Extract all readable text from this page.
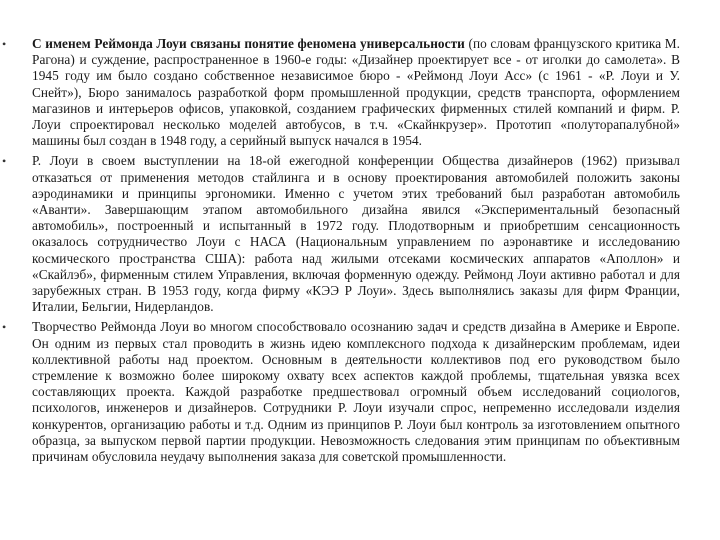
•	С именем Реймонда Лоуи связаны понятие феномена универсальности (по словам французского критика М. Рагона) и суждение, распространенное в 1960-е годы: «Дизайнер проектирует все - от иголки до самолета». В 1945 году им было создано собственное независимое бюро - «Реймонд Лоуи Асс» (с 1961 - «Р. Лоуи и У. Снейт»), Бюро занималось разработкой форм промышленной продукции, средств транспорта, оформлением магазинов и интерьеров офисов, упаковкой, созданием графических фирменных стилей компаний и фирм. Р. Лоуи спроектировал несколько моделей автобусов, в т.ч. «Скайнкрузер». Прототип «полуторапалубной» машины был создан в 1948 году, а серийный выпуск начался в 1954.
•	Р. Лоуи в своем выступлении на 18-ой ежегодной конференции Общества дизайнеров (1962) призывал отказаться от применения методов стайлинга и в основу проектирования автомобилей положить законы аэродинамики и принципы эргономики. Именно с учетом этих требований был разработан автомобиль «Аванти». Завершающим этапом автомобильного дизайна явился «Экспериментальный безопасный автомобиль», построенный и испытанный в 1972 году. Плодотворным и приобретшим сенсационность оказалось сотрудничество Лоуи с НАСА (Национальным управлением по аэронавтике и исследованию космического пространства США): работа над жилыми отсеками космических аппаратов «Аполлон» и «Скайлэб», фирменным стилем Управления, включая форменную одежду. Реймонд Лоуи активно работал и для зарубежных стран. В 1953 году, когда фирму «КЭЭ Р Лоуи». Здесь выполнялись заказы для фирм Франции, Италии, Бельгии, Нидерландов.
•	Творчество Реймонда Лоуи во многом способствовало осознанию задач и средств дизайна в Америке и Европе. Он одним из первых стал проводить в жизнь идею комплексного подхода к дизайнерским проблемам, идеи коллективной работы над проектом. Основным в деятельности коллективов под его руководством было стремление к возможно более широкому охвату всех аспектов каждой проблемы, тщательная увязка всех составляющих проекта. Каждой разработке предшествовал огромный объем исследований социологов, психологов, инженеров и дизайнеров. Сотрудники Р. Лоуи изучали спрос, непременно исследовали изделия конкурентов, организацию работы и т.д. Одним из принципов Р. Лоуи был контроль за изготовлением опытного образца, за выпуском первой партии продукции. Невозможность следования этим принципам по объективным причинам обусловила неудачу выполнения заказа для советской промышленности.
